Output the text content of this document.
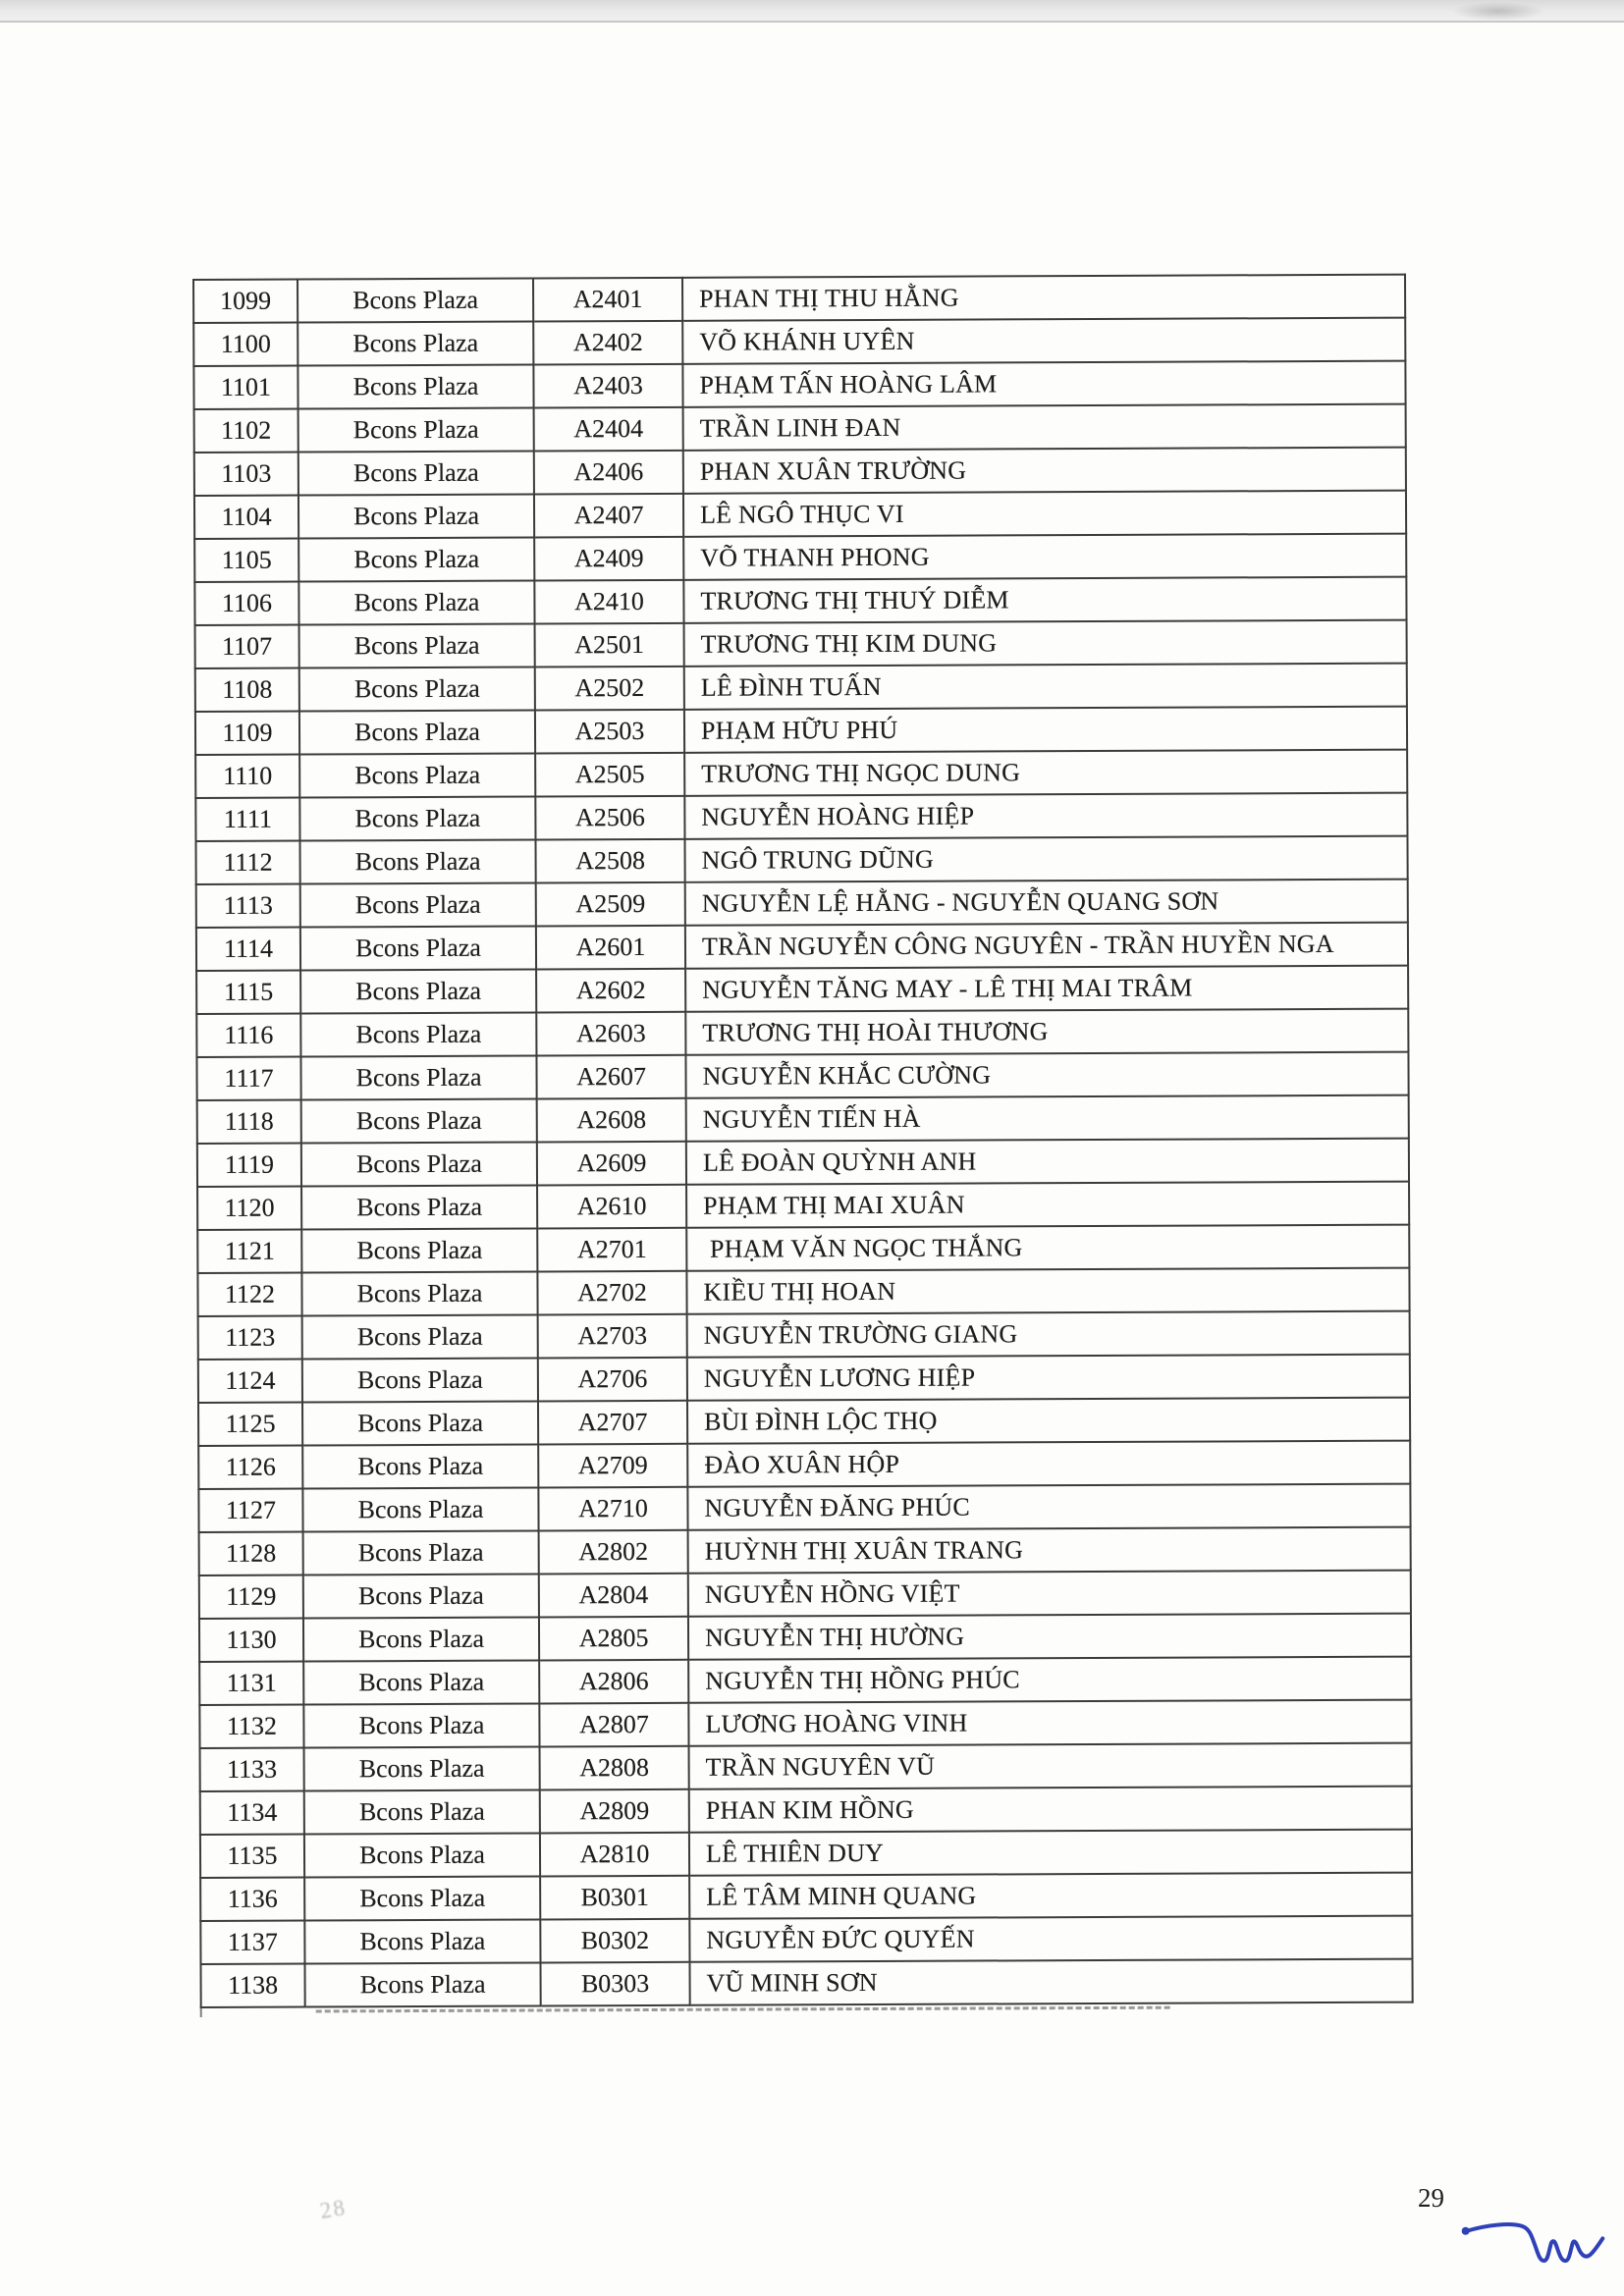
1099	Bcons Plaza	A2401	PHAN THỊ THU HẰNG
1100	Bcons Plaza	A2402	VÕ KHÁNH UYÊN
1101	Bcons Plaza	A2403	PHẠM TẤN HOÀNG LÂM
1102	Bcons Plaza	A2404	TRẦN LINH ĐAN
1103	Bcons Plaza	A2406	PHAN XUÂN TRƯỜNG
1104	Bcons Plaza	A2407	LÊ NGÔ THỤC VI
1105	Bcons Plaza	A2409	VÕ THANH PHONG
1106	Bcons Plaza	A2410	TRƯƠNG THỊ THUÝ DIỄM
1107	Bcons Plaza	A2501	TRƯƠNG THỊ KIM DUNG
1108	Bcons Plaza	A2502	LÊ ĐÌNH TUẤN
1109	Bcons Plaza	A2503	PHẠM HỮU PHÚ
1110	Bcons Plaza	A2505	TRƯƠNG THỊ NGỌC DUNG
1111	Bcons Plaza	A2506	NGUYỄN HOÀNG HIỆP
1112	Bcons Plaza	A2508	NGÔ TRUNG DŨNG
1113	Bcons Plaza	A2509	NGUYỄN LỆ HẰNG - NGUYỄN QUANG SƠN
1114	Bcons Plaza	A2601	TRẦN NGUYỄN CÔNG NGUYÊN - TRẦN HUYỀN NGA
1115	Bcons Plaza	A2602	NGUYỄN TĂNG MAY - LÊ THỊ MAI TRÂM
1116	Bcons Plaza	A2603	TRƯƠNG THỊ HOÀI THƯƠNG
1117	Bcons Plaza	A2607	NGUYỄN KHẮC CƯỜNG
1118	Bcons Plaza	A2608	NGUYỄN TIẾN HÀ
1119	Bcons Plaza	A2609	LÊ ĐOÀN QUỲNH ANH
1120	Bcons Plaza	A2610	PHẠM THỊ MAI XUÂN
1121	Bcons Plaza	A2701	PHẠM VĂN NGỌC THẮNG
1122	Bcons Plaza	A2702	KIỀU THỊ HOAN
1123	Bcons Plaza	A2703	NGUYỄN TRƯỜNG GIANG
1124	Bcons Plaza	A2706	NGUYỄN LƯƠNG HIỆP
1125	Bcons Plaza	A2707	BÙI ĐÌNH LỘC THỌ
1126	Bcons Plaza	A2709	ĐÀO XUÂN HỘP
1127	Bcons Plaza	A2710	NGUYỄN ĐĂNG PHÚC
1128	Bcons Plaza	A2802	HUỲNH THỊ XUÂN TRANG
1129	Bcons Plaza	A2804	NGUYỄN HỒNG VIỆT
1130	Bcons Plaza	A2805	NGUYỄN THỊ HƯỜNG
1131	Bcons Plaza	A2806	NGUYỄN THỊ HỒNG PHÚC
1132	Bcons Plaza	A2807	LƯƠNG HOÀNG VINH
1133	Bcons Plaza	A2808	TRẦN NGUYÊN VŨ
1134	Bcons Plaza	A2809	PHAN KIM HỒNG
1135	Bcons Plaza	A2810	LÊ THIÊN DUY
1136	Bcons Plaza	B0301	LÊ TÂM MINH QUANG
1137	Bcons Plaza	B0302	NGUYỄN ĐỨC QUYẾN
1138	Bcons Plaza	B0303	VŨ MINH SƠN
28	29
